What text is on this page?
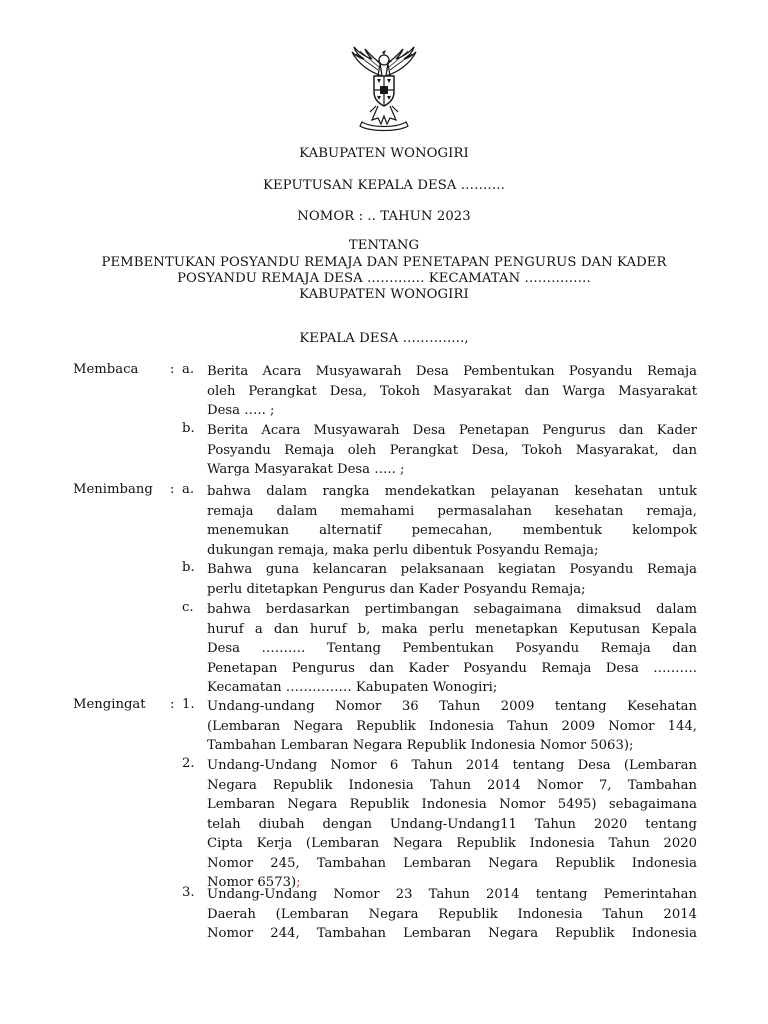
KABUPATEN WONOGIRI
KEPUTUSAN KEPALA DESA ……….
NOMOR : .. TAHUN 2023
TENTANG
PEMBENTUKAN POSYANDU REMAJA DAN PENETAPAN PENGURUS DAN KADER
POSYANDU REMAJA DESA …………. KECAMATAN ……………
KABUPATEN WONOGIRI
KEPALA DESA …………..,
Membaca : a. Berita Acara Musyawarah Desa Pembentukan Posyandu Remaja
oleh Perangkat Desa, Tokoh Masyarakat dan Warga Masyarakat
Desa ….. ;
b. Berita Acara Musyawarah Desa Penetapan Pengurus dan Kader
Posyandu Remaja oleh Perangkat Desa, Tokoh Masyarakat, dan
Warga Masyarakat Desa ….. ;
Menimbang : a. bahwa dalam rangka mendekatkan pelayanan kesehatan untuk
remaja dalam memahami permasalahan kesehatan remaja,
menemukan alternatif pemecahan, membentuk kelompok
dukungan remaja, maka perlu dibentuk Posyandu Remaja;
b. Bahwa guna kelancaran pelaksanaan kegiatan Posyandu Remaja
perlu ditetapkan Pengurus dan Kader Posyandu Remaja;
c.	bahwa berdasarkan pertimbangan sebagaimana dimaksud dalam
huruf a dan huruf b, maka perlu menetapkan Keputusan Kepala
Desa ………. Tentang Pembentukan Posyandu Remaja dan
Penetapan Pengurus dan Kader Posyandu Remaja Desa ……….
Kecamatan …………… Kabupaten Wonogiri;
Mengingat : 1. Undang-undang Nomor 36 Tahun 2009 tentang Kesehatan
(Lembaran Negara Republik Indonesia Tahun 2009 Nomor 144,
Tambahan Lembaran Negara Republik Indonesia Nomor 5063);
2. Undang-Undang Nomor 6 Tahun 2014 tentang Desa (Lembaran
Negara Republik Indonesia Tahun 2014 Nomor 7, Tambahan
Lembaran Negara Republik Indonesia Nomor 5495) sebagaimana
telah diubah dengan Undang-Undang11 Tahun 2020 tentang
Cipta Kerja (Lembaran Negara Republik Indonesia Tahun 2020
Nomor 245, Tambahan Lembaran Negara Republik Indonesia
Nomor 6573);
3. Undang-Undang Nomor 23 Tahun 2014 tentang Pemerintahan
Daerah (Lembaran Negara Republik Indonesia Tahun 2014
Nomor 244, Tambahan Lembaran Negara Republik Indonesia
